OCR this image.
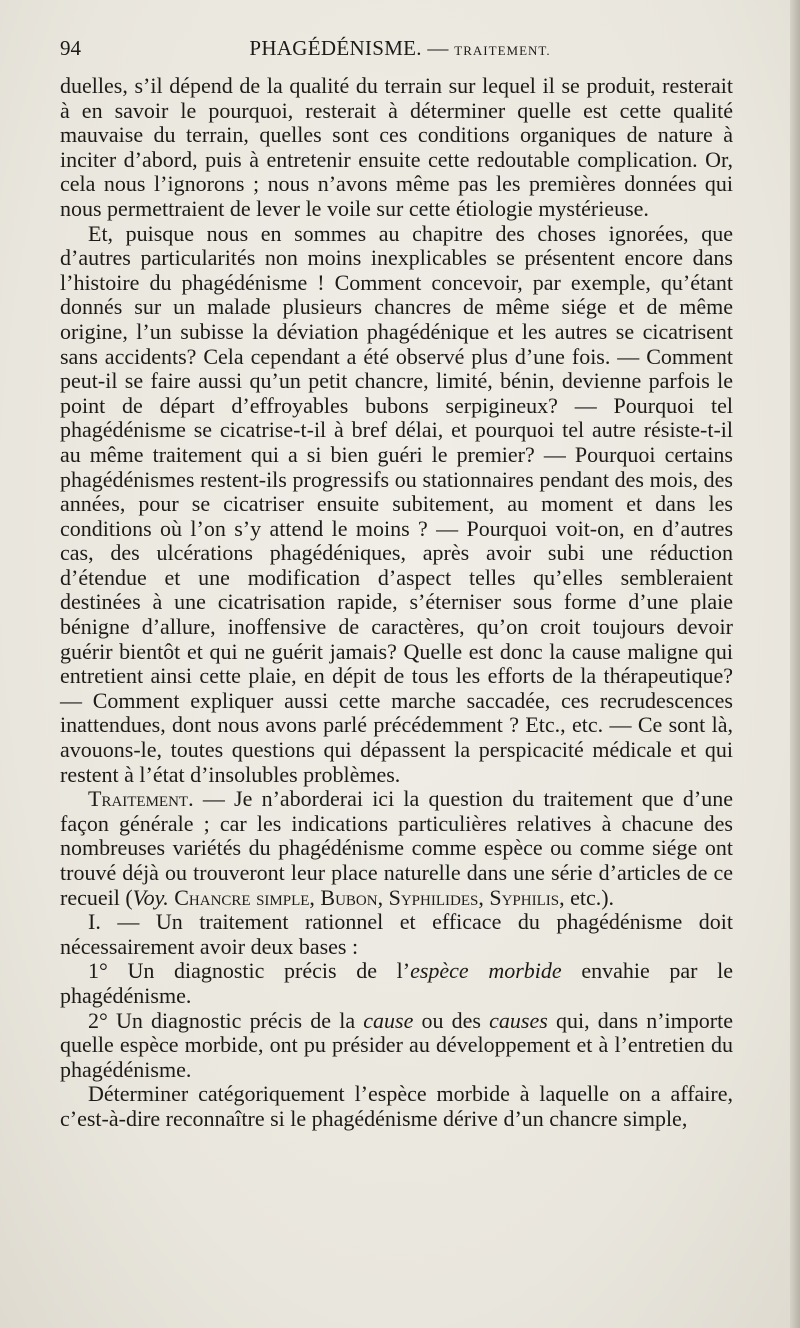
94	PHAGÉDÉNISME. — TRAITEMENT.

duelles, s’il dépend de la qualité du terrain sur lequel il se produit, resterait à en savoir le pourquoi, resterait à déterminer quelle est cette qualité mauvaise du terrain, quelles sont ces conditions organiques de nature à inciter d’abord, puis à entretenir ensuite cette redoutable complication. Or, cela nous l’ignorons ; nous n’avons même pas les premières données qui nous permettraient de lever le voile sur cette étiologie mystérieuse.

Et, puisque nous en sommes au chapitre des choses ignorées, que d’autres particularités non moins inexplicables se présentent encore dans l’histoire du phagédénisme ! Comment concevoir, par exemple, qu’étant donnés sur un malade plusieurs chancres de même siége et de même origine, l’un subisse la déviation phagédénique et les autres se cicatrisent sans accidents? Cela cependant a été observé plus d’une fois. — Comment peut-il se faire aussi qu’un petit chancre, limité, bénin, devienne parfois le point de départ d’effroyables bubons serpigineux? — Pourquoi tel phagédénisme se cicatrise-t-il à bref délai, et pourquoi tel autre résiste-t-il au même traitement qui a si bien guéri le premier? — Pourquoi certains phagédénismes restent-ils progressifs ou stationnaires pendant des mois, des années, pour se cicatriser ensuite subitement, au moment et dans les conditions où l’on s’y attend le moins ? — Pourquoi voit-on, en d’autres cas, des ulcérations phagédéniques, après avoir subi une réduction d’étendue et une modification d’aspect telles qu’elles sembleraient destinées à une cicatrisation rapide, s’éterniser sous forme d’une plaie bénigne d’allure, inoffensive de caractères, qu’on croit toujours devoir guérir bientôt et qui ne guérit jamais? Quelle est donc la cause maligne qui entretient ainsi cette plaie, en dépit de tous les efforts de la thérapeutique? — Comment expliquer aussi cette marche saccadée, ces recrudescences inattendues, dont nous avons parlé précédemment ? Etc., etc. — Ce sont là, avouons-le, toutes questions qui dépassent la perspicacité médicale et qui restent à l’état d’insolubles problèmes.

Traitement. — Je n’aborderai ici la question du traitement que d’une façon générale ; car les indications particulières relatives à chacune des nombreuses variétés du phagédénisme comme espèce ou comme siége ont trouvé déjà ou trouveront leur place naturelle dans une série d’articles de ce recueil (Voy. Chancre simple, Bubon, Syphilides, Syphilis, etc.).

I. — Un traitement rationnel et efficace du phagédénisme doit nécessairement avoir deux bases :

1° Un diagnostic précis de l’espèce morbide envahie par le phagédénisme.

2° Un diagnostic précis de la cause ou des causes qui, dans n’importe quelle espèce morbide, ont pu présider au développement et à l’entretien du phagédénisme.

Déterminer catégoriquement l’espèce morbide à laquelle on a affaire, c’est-à-dire reconnaître si le phagédénisme dérive d’un chancre simple,
